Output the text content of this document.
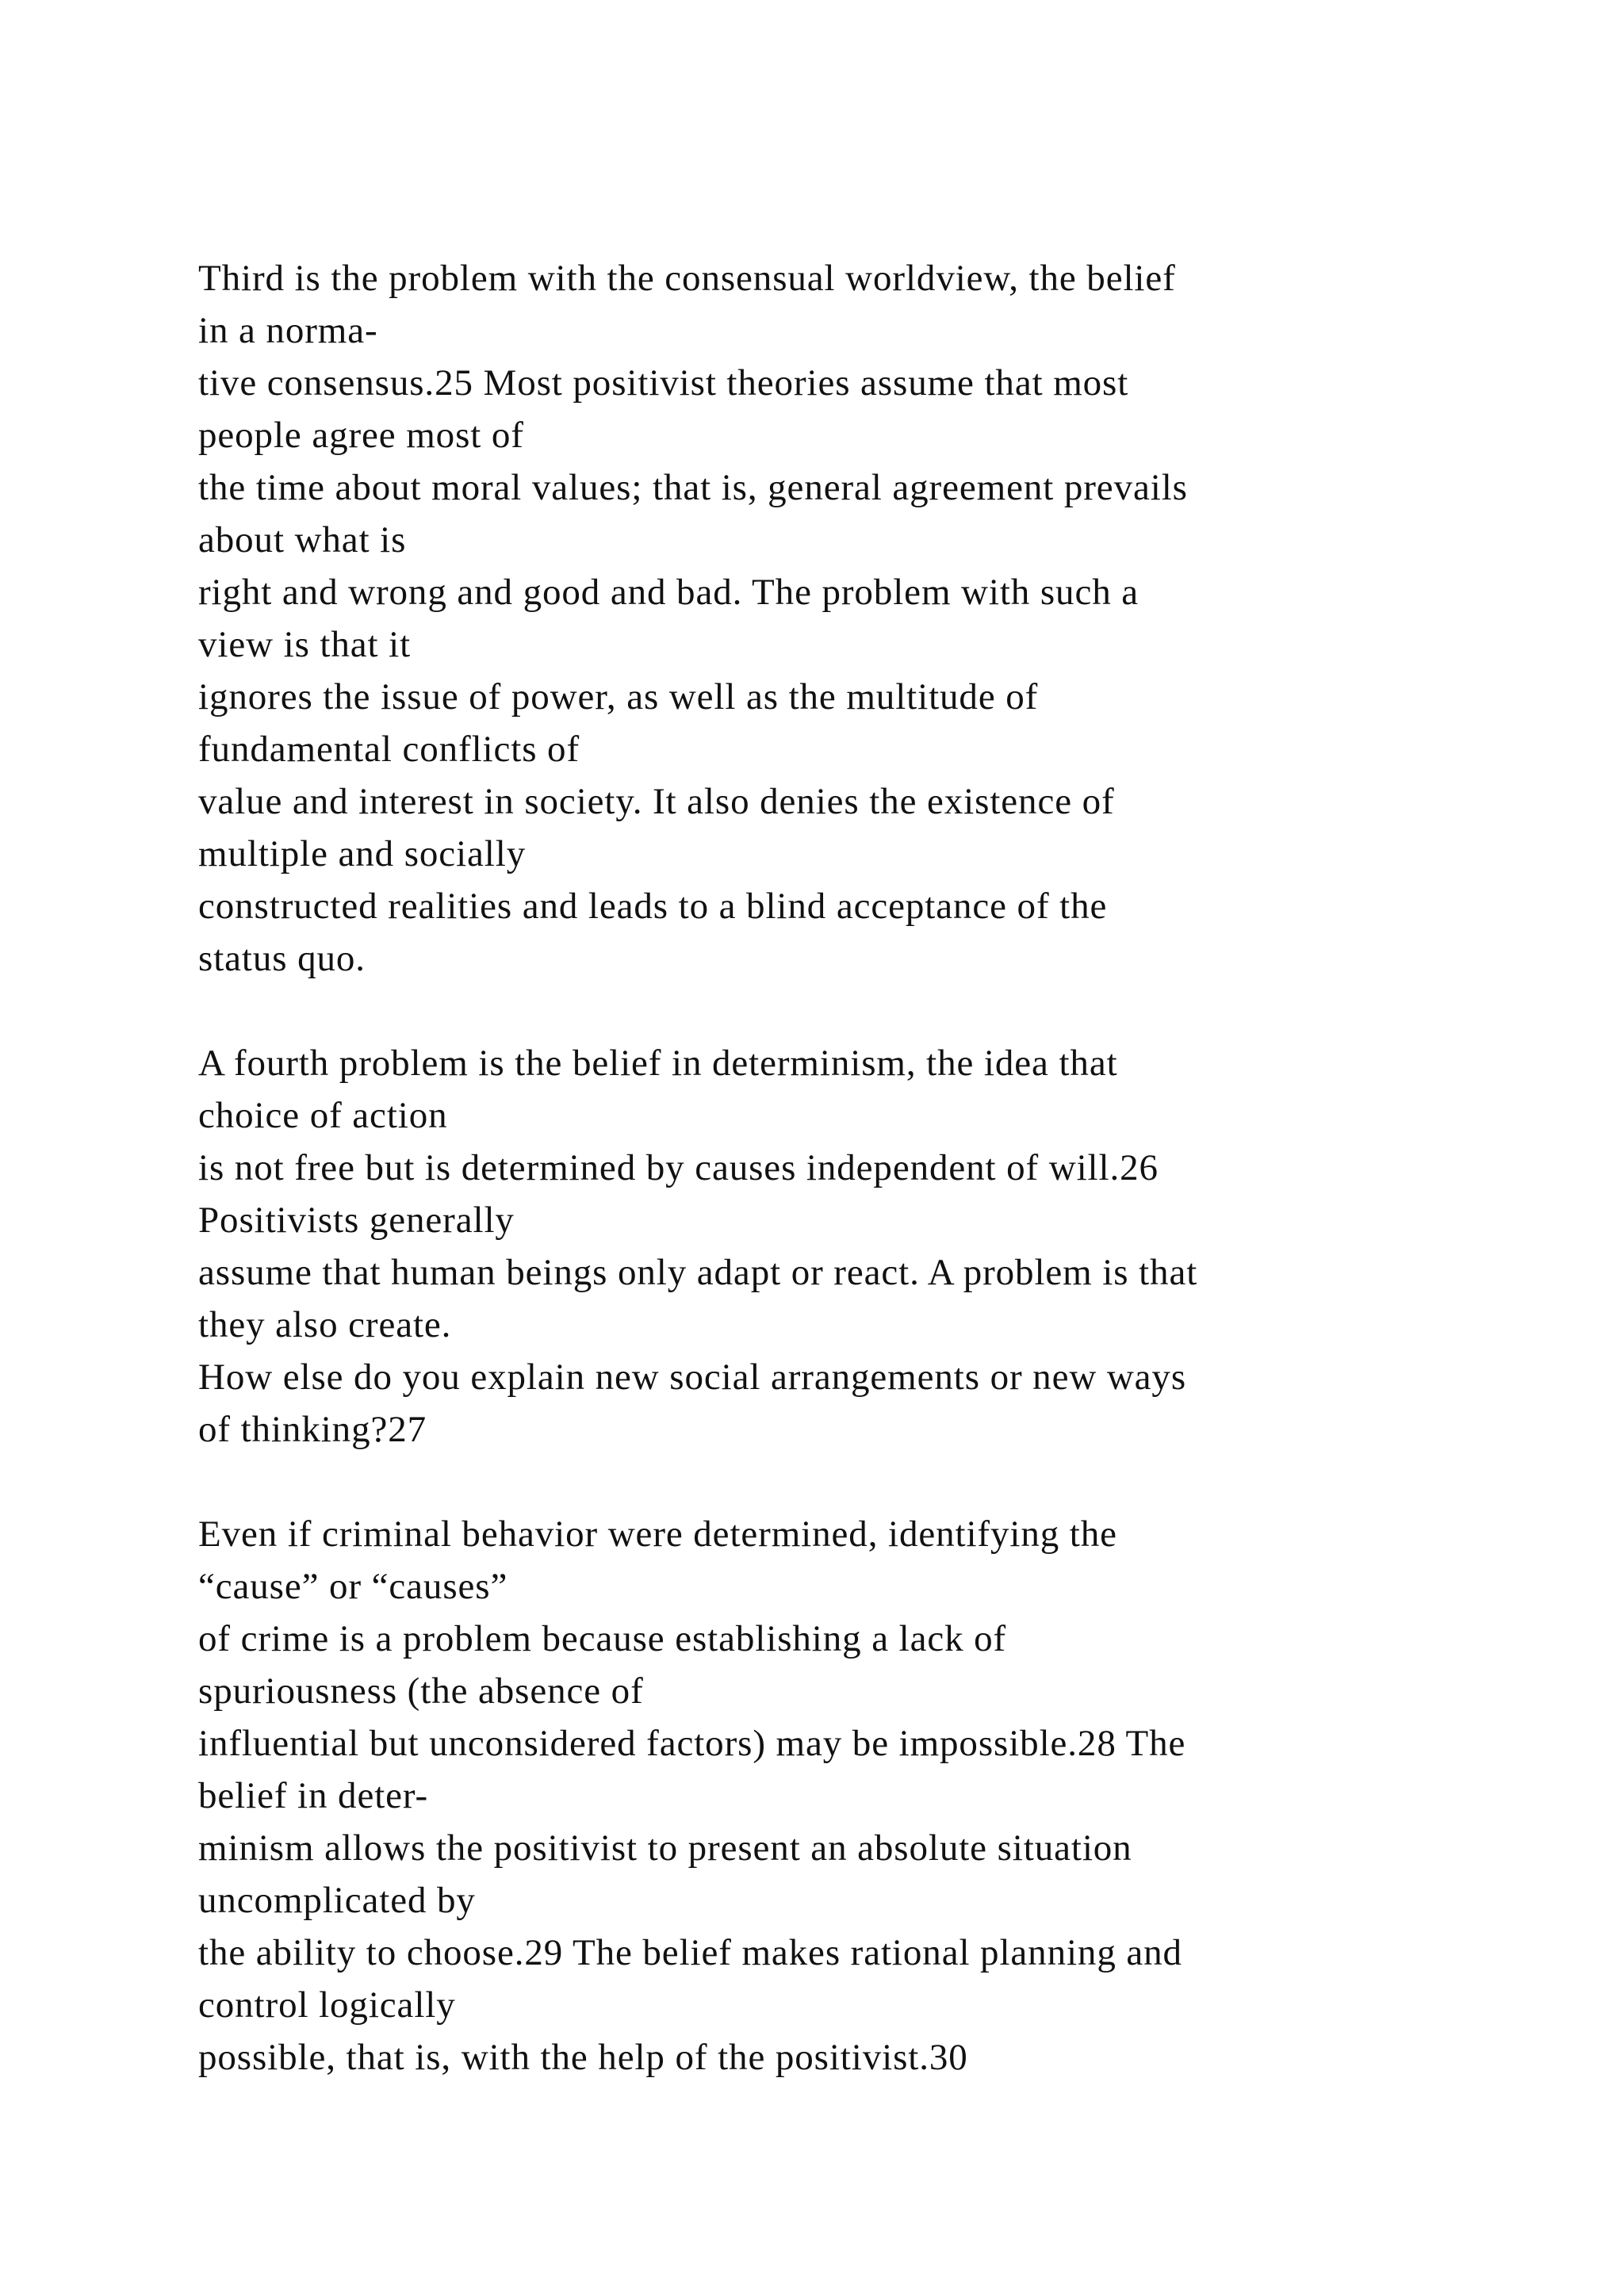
Third is the problem with the consensual worldview, the belief
in a norma-
tive consensus.25 Most positivist theories assume that most
people agree most of
the time about moral values; that is, general agreement prevails
about what is
right and wrong and good and bad. The problem with such a
view is that it
ignores the issue of power, as well as the multitude of
fundamental conflicts of
value and interest in society. It also denies the existence of
multiple and socially
constructed realities and leads to a blind acceptance of the
status quo.
A fourth problem is the belief in determinism, the idea that
choice of action
is not free but is determined by causes independent of will.26
Positivists generally
assume that human beings only adapt or react. A problem is that
they also create.
How else do you explain new social arrangements or new ways
of thinking?27
Even if criminal behavior were determined, identifying the
“cause” or “causes”
of crime is a problem because establishing a lack of
spuriousness (the absence of
influential but unconsidered factors) may be impossible.28 The
belief in deter-
minism allows the positivist to present an absolute situation
uncomplicated by
the ability to choose.29 The belief makes rational planning and
control logically
possible, that is, with the help of the positivist.30
